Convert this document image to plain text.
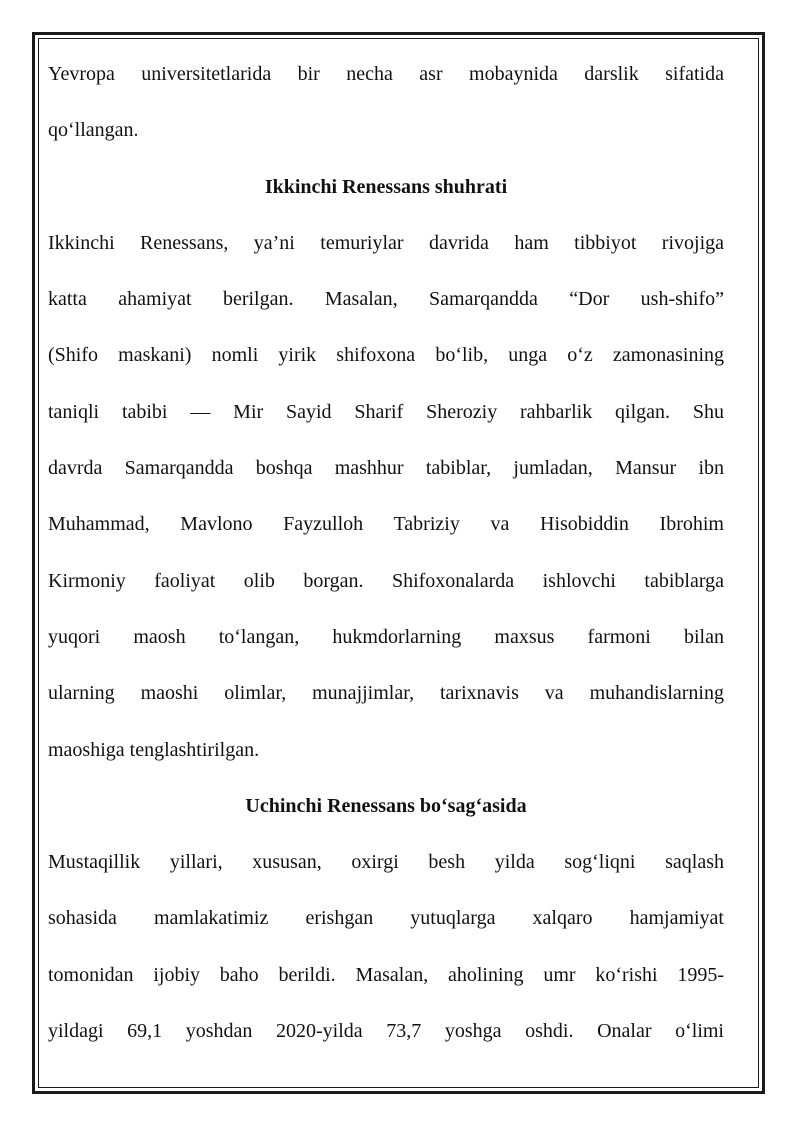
Yevropa universitetlarida bir necha asr mobaynida darslik sifatida
qo‘llangan.
Ikkinchi Renessans shuhrati
Ikkinchi Renessans, ya’ni temuriylar davrida ham tibbiyot rivojiga
katta ahamiyat berilgan. Masalan, Samarqandda “Dor ush-shifo”
(Shifo maskani) nomli yirik shifoxona bo‘lib, unga o‘z zamonasining
taniqli tabibi — Mir Sayid Sharif Sheroziy rahbarlik qilgan. Shu
davrda Samarqandda boshqa mashhur tabiblar, jumladan, Mansur ibn
Muhammad, Mavlono Fayzulloh Tabriziy va Hisobiddin Ibrohim
Kirmoniy faoliyat olib borgan. Shifoxonalarda ishlovchi tabiblarga
yuqori maosh to‘langan, hukmdorlarning maxsus farmoni bilan
ularning maoshi olimlar, munajjimlar, tarixnavis va muhandislarning
maoshiga tenglashtirilgan.
Uchinchi Renessans bo‘sag‘asida
Mustaqillik yillari, xususan, oxirgi besh yilda sog‘liqni saqlash
sohasida mamlakatimiz erishgan yutuqlarga xalqaro hamjamiyat
tomonidan ijobiy baho berildi. Masalan, aholining umr ko‘rishi 1995-
yildagi 69,1 yoshdan 2020-yilda 73,7 yoshga oshdi. Onalar o‘limi
